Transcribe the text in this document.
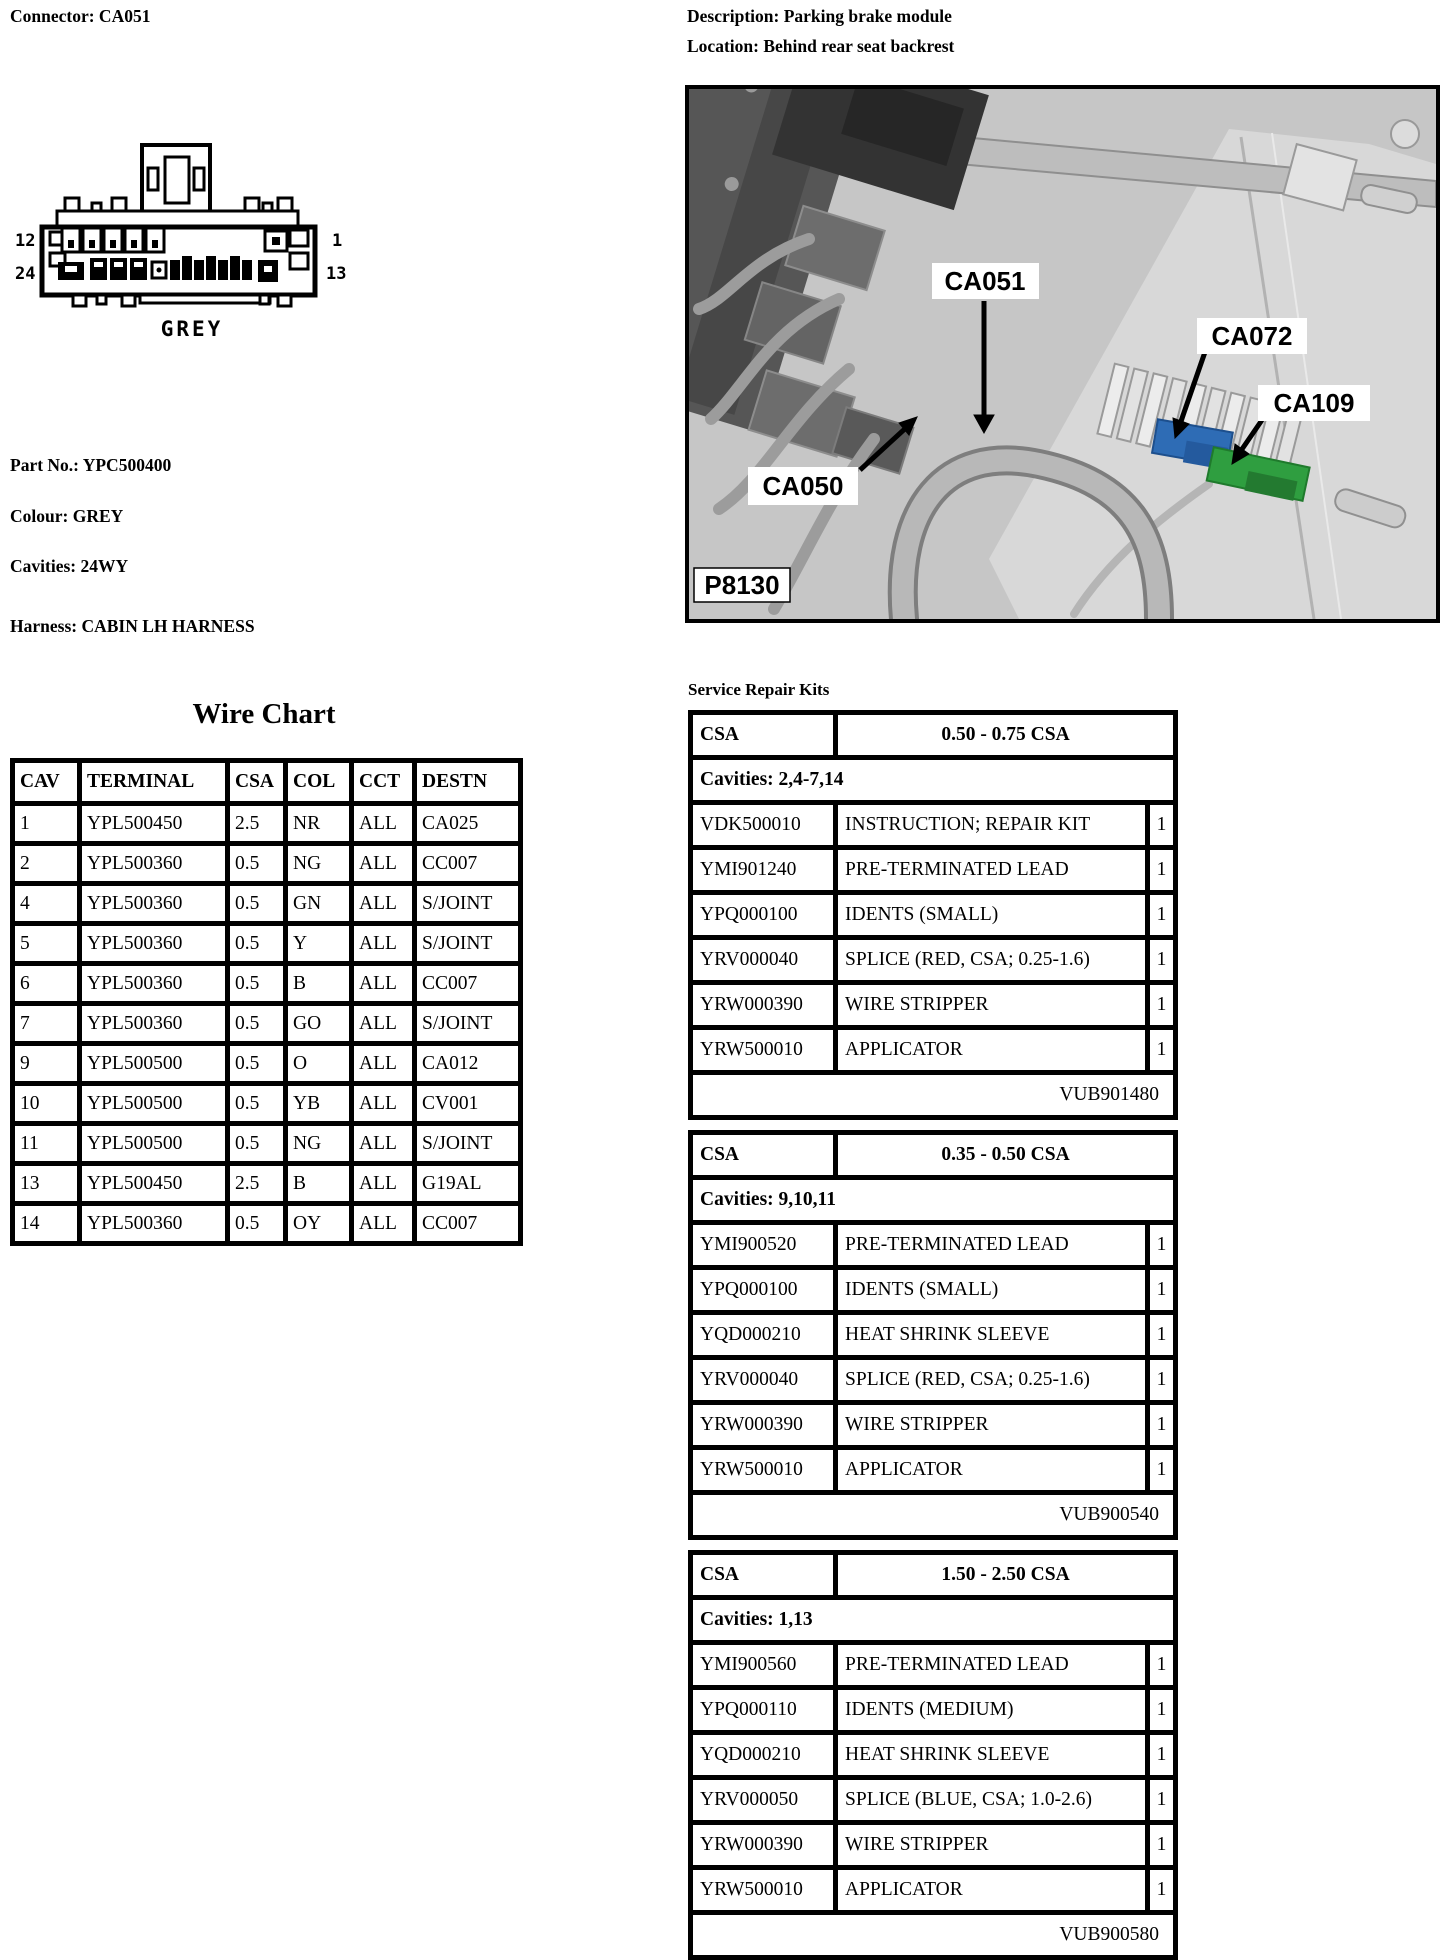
Connector: CA051
12
24
1
13
GREY
Part No.: YPC500400
Colour: GREY
Cavities: 24WY
Harness: CABIN LH HARNESS
Wire Chart
CAV	TERMINAL	CSA	COL	CCT	DESTN
1	YPL500450	2.5	NR	ALL	CA025
2	YPL500360	0.5	NG	ALL	CC007
4	YPL500360	0.5	GN	ALL	S/JOINT
5	YPL500360	0.5	Y	ALL	S/JOINT
6	YPL500360	0.5	B	ALL	CC007
7	YPL500360	0.5	GO	ALL	S/JOINT
9	YPL500500	0.5	O	ALL	CA012
10	YPL500500	0.5	YB	ALL	CV001
11	YPL500500	0.5	NG	ALL	S/JOINT
13	YPL500450	2.5	B	ALL	G19AL
14	YPL500360	0.5	OY	ALL	CC007
Description: Parking brake module
Location: Behind rear seat backrest
CA051
CA072
CA109
CA050
P8130
Service Repair Kits
CSA	0.50 - 0.75 CSA	
Cavities: 2,4-7,14		
VDK500010	INSTRUCTION; REPAIR KIT	1
YMI901240	PRE-TERMINATED LEAD	1
YPQ000100	IDENTS (SMALL)	1
YRV000040	SPLICE (RED, CSA; 0.25-1.6)	1
YRW000390	WIRE STRIPPER	1
YRW500010	APPLICATOR	1
VUB901480		
CSA	0.35 - 0.50 CSA	
Cavities: 9,10,11		
YMI900520	PRE-TERMINATED LEAD	1
YPQ000100	IDENTS (SMALL)	1
YQD000210	HEAT SHRINK SLEEVE	1
YRV000040	SPLICE (RED, CSA; 0.25-1.6)	1
YRW000390	WIRE STRIPPER	1
YRW500010	APPLICATOR	1
VUB900540		
CSA	1.50 - 2.50 CSA	
Cavities: 1,13		
YMI900560	PRE-TERMINATED LEAD	1
YPQ000110	IDENTS (MEDIUM)	1
YQD000210	HEAT SHRINK SLEEVE	1
YRV000050	SPLICE (BLUE, CSA; 1.0-2.6)	1
YRW000390	WIRE STRIPPER	1
YRW500010	APPLICATOR	1
VUB900580		
